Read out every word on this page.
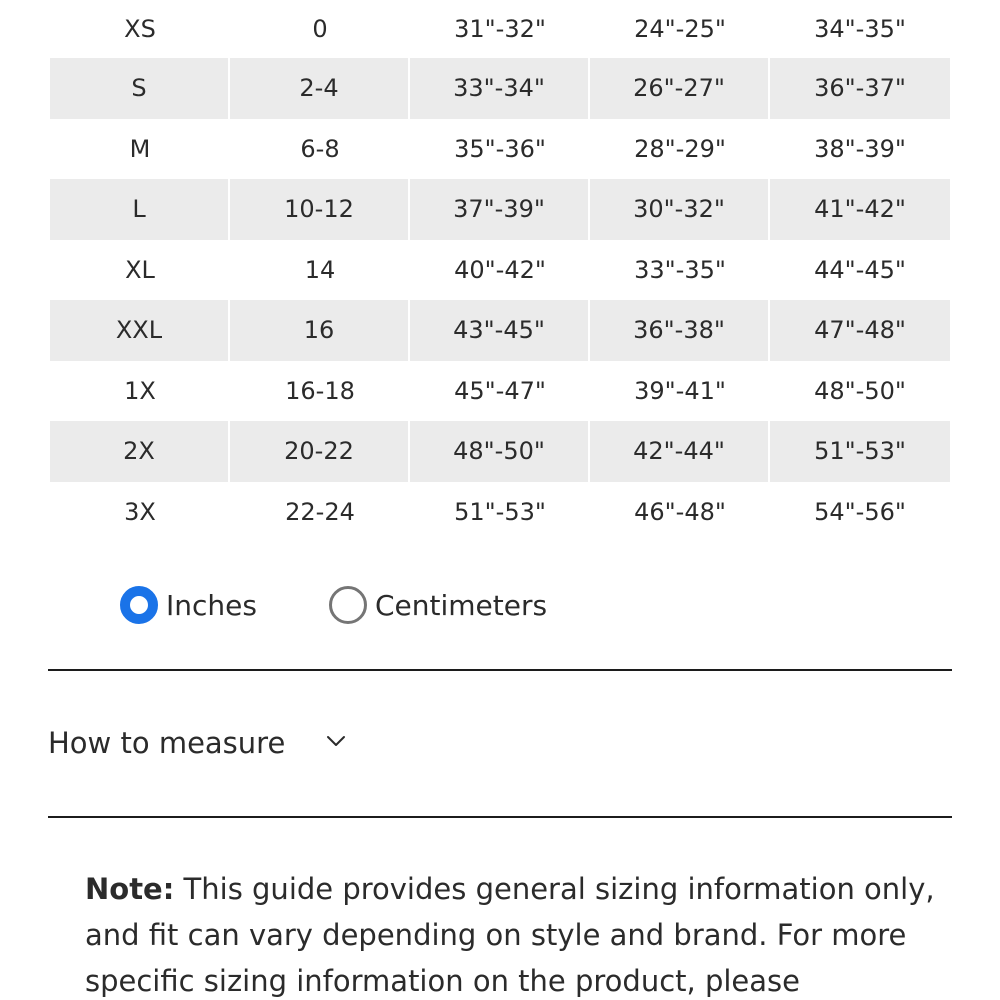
XS	0	31"-32"	24"-25"	34"-35"
S	2-4	33"-34"	26"-27"	36"-37"
M	6-8	35"-36"	28"-29"	38"-39"
L	10-12	37"-39"	30"-32"	41"-42"
XL	14	40"-42"	33"-35"	44"-45"
XXL	16	43"-45"	36"-38"	47"-48"
1X	16-18	45"-47"	39"-41"	48"-50"
2X	20-22	48"-50"	42"-44"	51"-53"
3X	22-24	51"-53"	46"-48"	54"-56"
Inches	Centimeters
How to measure
Note: This guide provides general sizing information only, and fit can vary depending on style and brand. For more specific sizing information on the product, please
